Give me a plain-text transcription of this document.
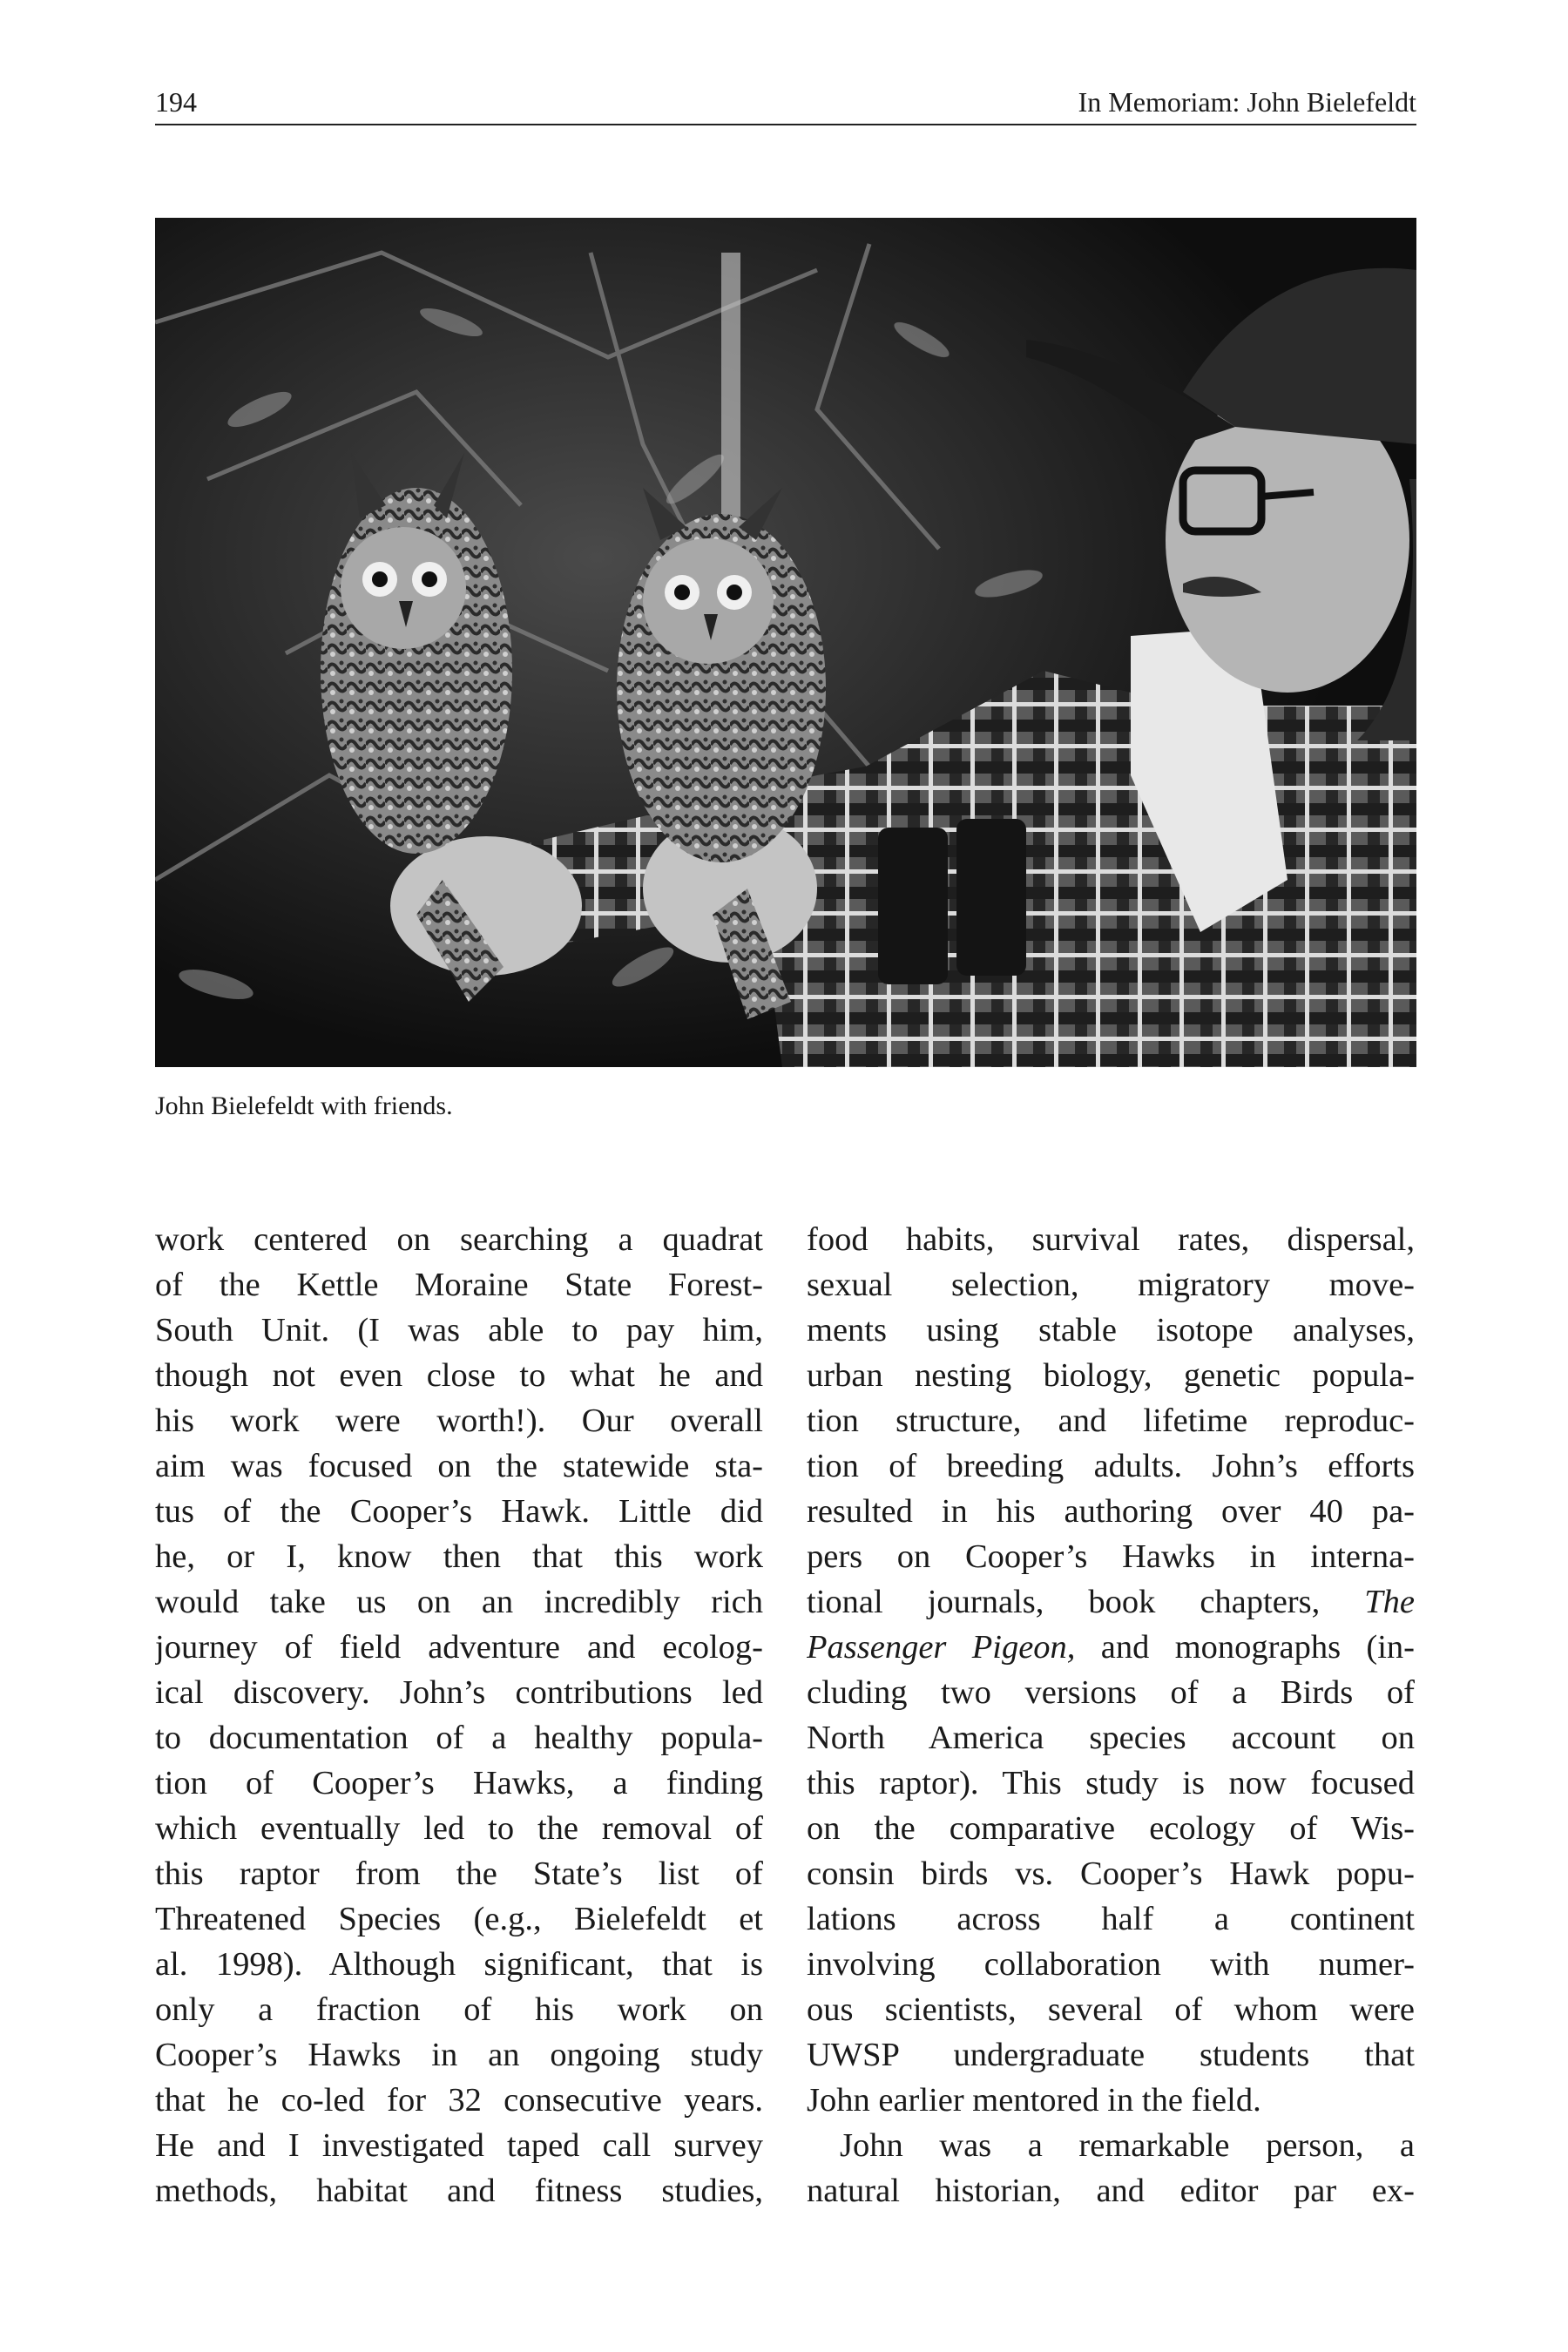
194	In Memoriam: John Bielefeldt
John Bielefeldt with friends.
work centered on searching a quadrat
of the Kettle Moraine State Forest-
South Unit. (I was able to pay him,
though not even close to what he and
his work were worth!). Our overall
aim was focused on the statewide sta-
tus of the Cooper’s Hawk. Little did
he, or I, know then that this work
would take us on an incredibly rich
journey of field adventure and ecolog-
ical discovery. John’s contributions led
to documentation of a healthy popula-
tion of Cooper’s Hawks, a finding
which eventually led to the removal of
this raptor from the State’s list of
Threatened Species (e.g., Bielefeldt et
al. 1998). Although significant, that is
only a fraction of his work on
Cooper’s Hawks in an ongoing study
that he co-led for 32 consecutive years.
He and I investigated taped call survey
methods, habitat and fitness studies,
food habits, survival rates, dispersal,
sexual selection, migratory move-
ments using stable isotope analyses,
urban nesting biology, genetic popula-
tion structure, and lifetime reproduc-
tion of breeding adults. John’s efforts
resulted in his authoring over 40 pa-
pers on Cooper’s Hawks in interna-
tional journals, book chapters, The
Passenger Pigeon, and monographs (in-
cluding two versions of a Birds of
North America species account on
this raptor). This study is now focused
on the comparative ecology of Wis-
consin birds vs. Cooper’s Hawk popu-
lations across half a continent
involving collaboration with numer-
ous scientists, several of whom were
UWSP undergraduate students that
John earlier mentored in the field.
John was a remarkable person, a
natural historian, and editor par ex-
